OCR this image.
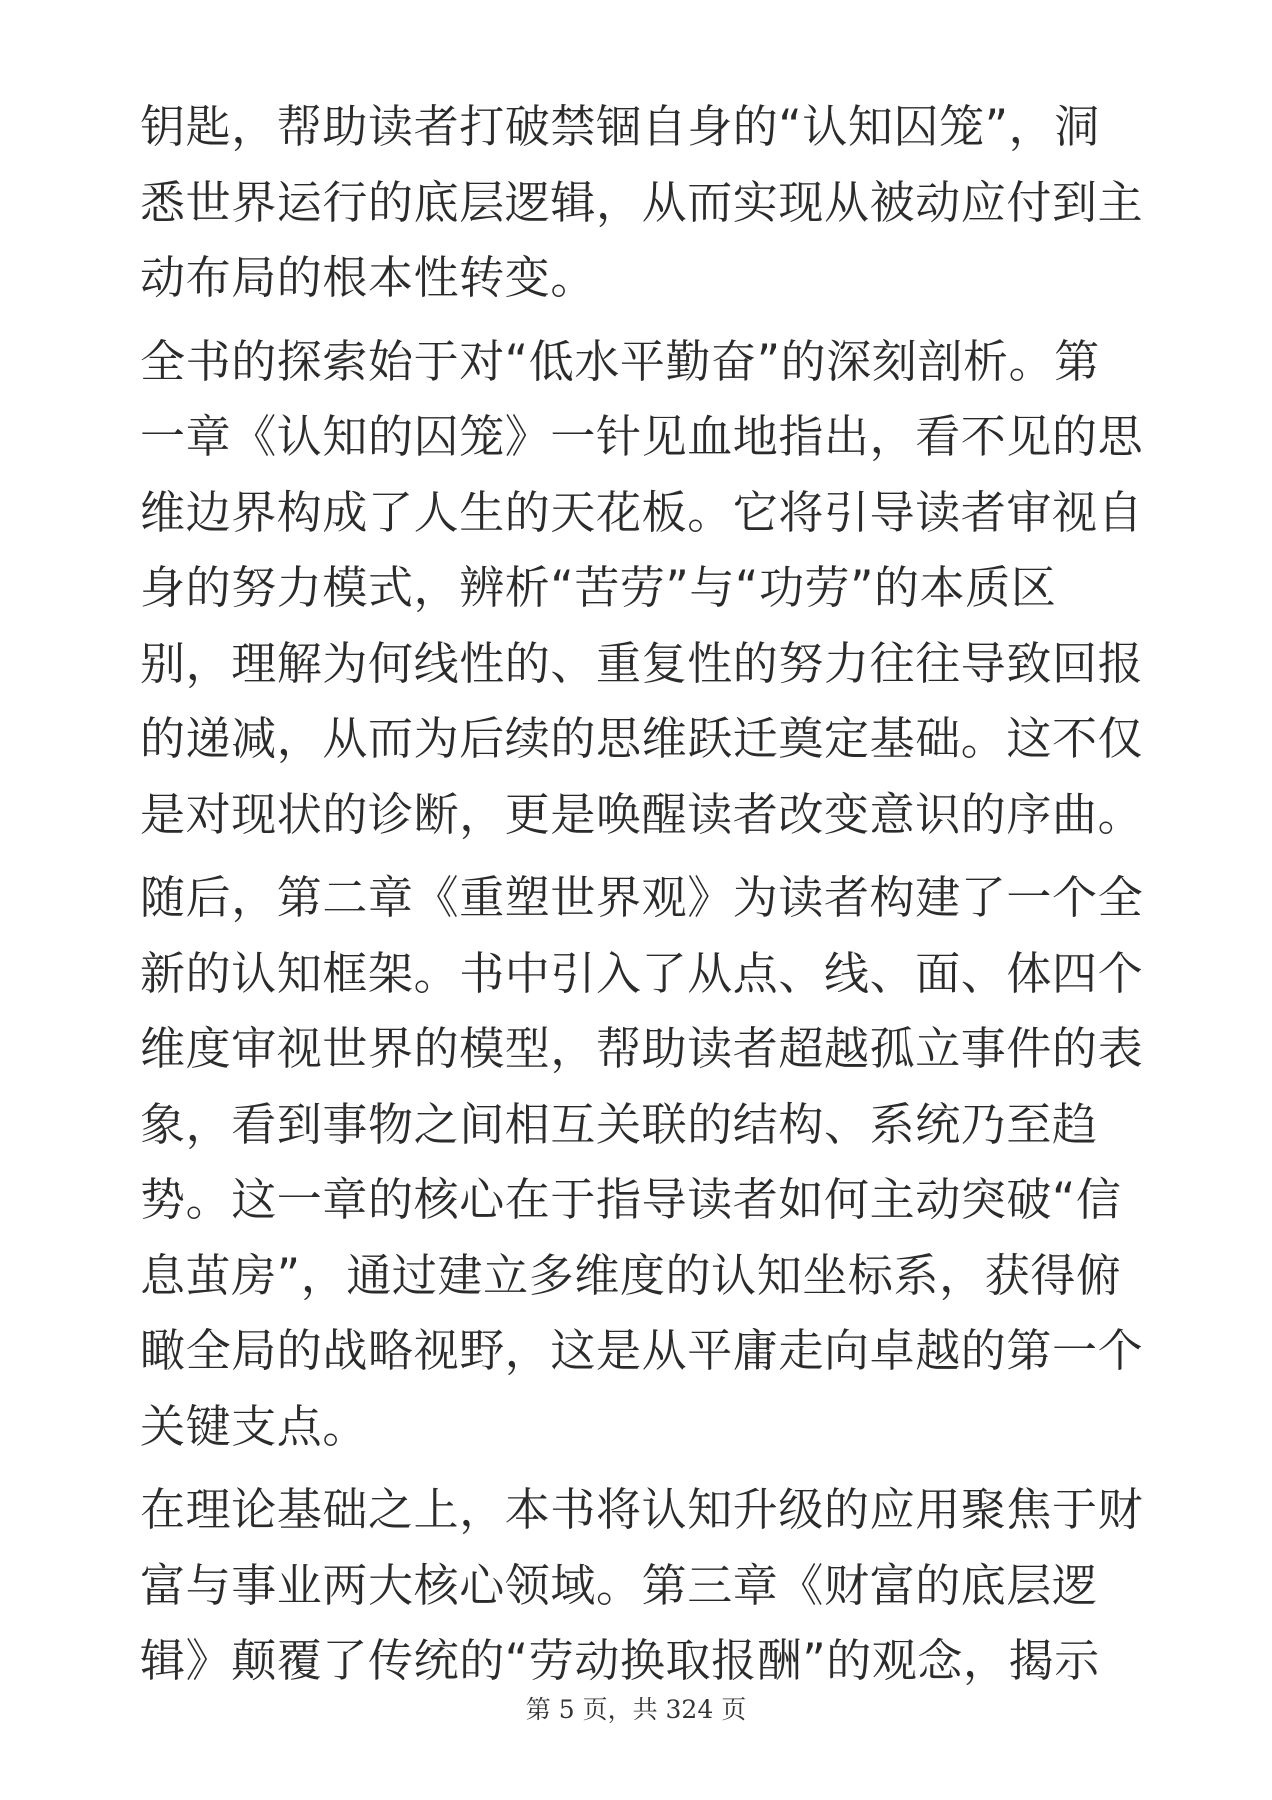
钥匙，帮助读者打破禁锢自身的“认知囚笼”，洞
悉世界运行的底层逻辑，从而实现从被动应付到主
动布局的根本性转变。
全书的探索始于对“低水平勤奋”的深刻剖析。第
一章《认知的囚笼》一针见血地指出，看不见的思
维边界构成了人生的天花板。它将引导读者审视自
身的努力模式，辨析“苦劳”与“功劳”的本质区
别，理解为何线性的、重复性的努力往往导致回报
的递减，从而为后续的思维跃迁奠定基础。这不仅
是对现状的诊断，更是唤醒读者改变意识的序曲。
随后，第二章《重塑世界观》为读者构建了一个全
新的认知框架。书中引入了从点、线、面、体四个
维度审视世界的模型，帮助读者超越孤立事件的表
象，看到事物之间相互关联的结构、系统乃至趋
势。这一章的核心在于指导读者如何主动突破“信
息茧房”，通过建立多维度的认知坐标系，获得俯
瞰全局的战略视野，这是从平庸走向卓越的第一个
关键支点。
在理论基础之上，本书将认知升级的应用聚焦于财
富与事业两大核心领域。第三章《财富的底层逻
辑》颠覆了传统的“劳动换取报酬”的观念，揭示
第 5 页，共 324 页
